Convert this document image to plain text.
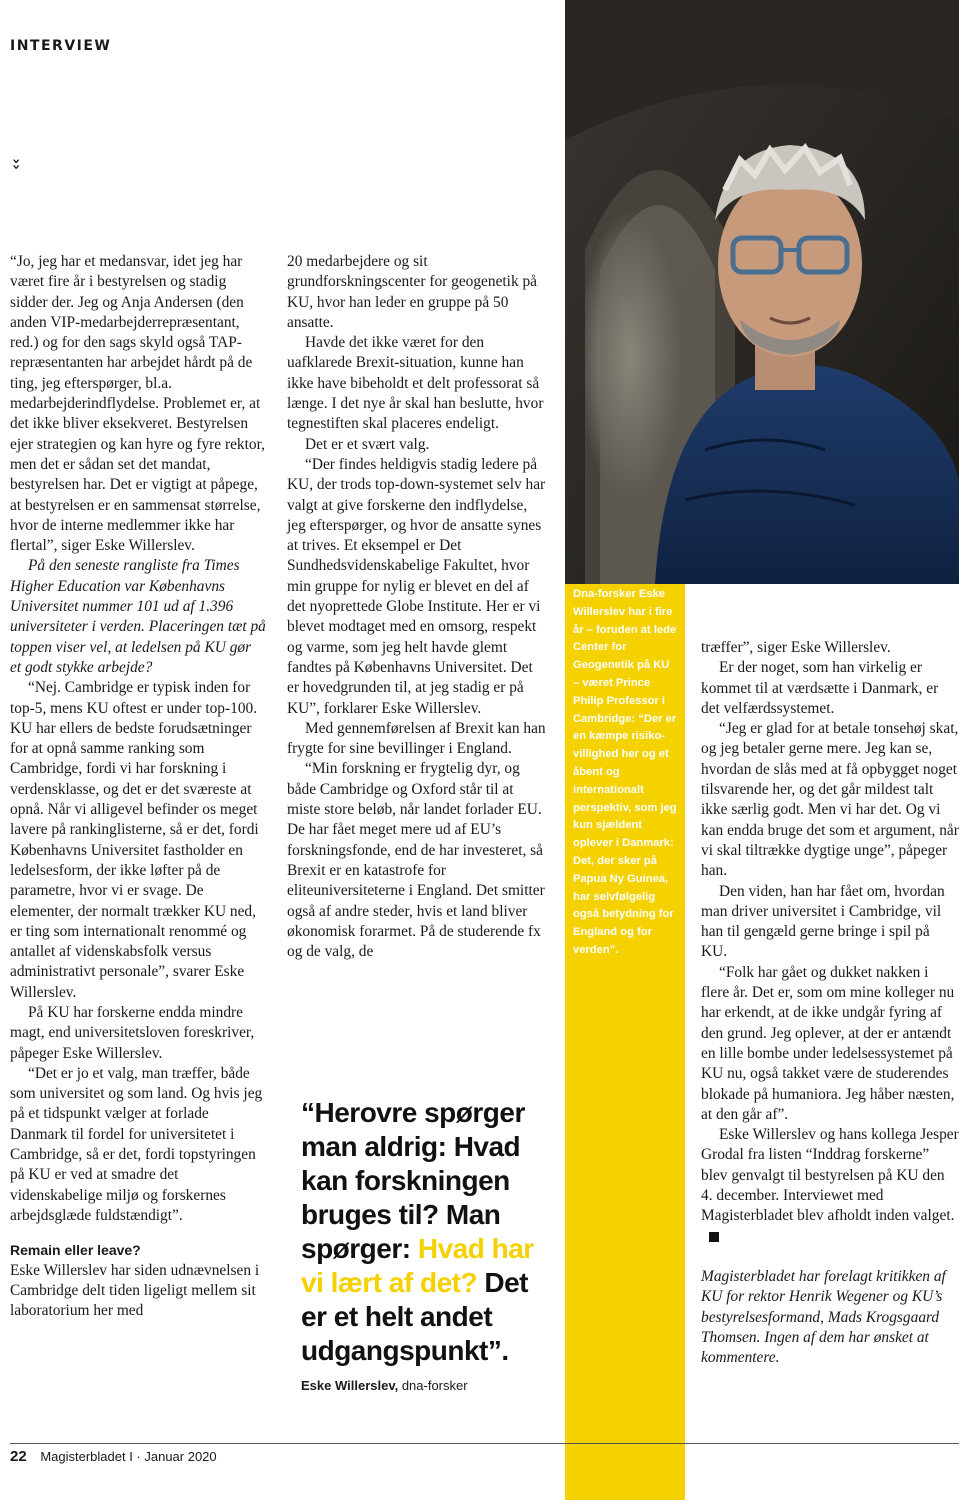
INTERVIEW
››

“Jo, jeg har et medansvar, idet jeg har været fire år i bestyrelsen og stadig sidder der. Jeg og Anja Andersen (den anden VIP-medarbejderrepræsentant, red.) og for den sags skyld også TAP-repræsentanten har arbejdet hårdt på de ting, jeg efterspørger, bl.a. medarbejderindflydelse. Problemet er, at det ikke bliver eksekveret. Bestyrelsen ejer strategien og kan hyre og fyre rektor, men det er sådan set det mandat, bestyrelsen har. Det er vigtigt at påpege, at bestyrelsen er en sammensat størrelse, hvor de interne medlemmer ikke har flertal”, siger Eske Willerslev.

På den seneste rangliste fra Times Higher Education var Københavns Universitet nummer 101 ud af 1.396 universiteter i verden. Placeringen tæt på toppen viser vel, at ledelsen på KU gør et godt stykke arbejde?

“Nej. Cambridge er typisk inden for top-5, mens KU oftest er under top-100. KU har ellers de bedste forudsætninger for at opnå samme ranking som Cambridge, fordi vi har forskning i verdensklasse, og det er det sværeste at opnå. Når vi alligevel befinder os meget lavere på rankinglisterne, så er det, fordi Københavns Universitet fastholder en ledelsesform, der ikke løfter på de parametre, hvor vi er svage. De elementer, der normalt trækker KU ned, er ting som internationalt renommé og antallet af videnskabsfolk versus administrativt personale”, svarer Eske Willerslev.

På KU har forskerne endda mindre magt, end universitetsloven foreskriver, påpeger Eske Willerslev.

“Det er jo et valg, man træffer, både som universitet og som land. Og hvis jeg på et tidspunkt vælger at forlade Danmark til fordel for universitetet i Cambridge, så er det, fordi topstyringen på KU er ved at smadre det videnskabelige miljø og forskernes arbejdsglæde fuldstændigt”.

Remain eller leave?

Eske Willerslev har siden udnævnelsen i Cambridge delt tiden ligeligt mellem sit laboratorium her med

20 medarbejdere og sit grundforskningscenter for geogenetik på KU, hvor han leder en gruppe på 50 ansatte.

Havde det ikke været for den uafklarede Brexit-situation, kunne han ikke have bibeholdt et delt professorat så længe. I det nye år skal han beslutte, hvor tegnestiften skal placeres endeligt.

Det er et svært valg.

“Der findes heldigvis stadig ledere på KU, der trods top-down-systemet selv har valgt at give forskerne den indflydelse, jeg efterspørger, og hvor de ansatte synes at trives. Et eksempel er Det Sundhedsvidenskabelige Fakultet, hvor min gruppe for nylig er blevet en del af det nyoprettede Globe Institute. Her er vi blevet modtaget med en omsorg, respekt og varme, som jeg helt havde glemt fandtes på Københavns Universitet. Det er hovedgrunden til, at jeg stadig er på KU”, forklarer Eske Willerslev.

Med gennemførelsen af Brexit kan han frygte for sine bevillinger i England.

“Min forskning er frygtelig dyr, og både Cambridge og Oxford står til at miste store beløb, når landet forlader EU. De har fået meget mere ud af EU’s forskningsfonde, end de har investeret, så Brexit er en katastrofe for eliteuniversiteterne i England. Det smitter også af andre steder, hvis et land bliver økonomisk forarmet. På de studerende fx og de valg, de

Dna-forsker Eske Willerslev har i fire år – foruden at lede Center for Geogenetik på KU – været Prince Philip Professor i Cambridge: “Der er en kæmpe risikovillighed her og et åbent og internationalt perspektiv, som jeg kun sjældent oplever i Danmark: Det, der sker på Papua Ny Guinea, har selvfølgelig også betydning for England og for verden”.

træffer”, siger Eske Willerslev.

Er der noget, som han virkelig er kommet til at værdsætte i Danmark, er det velfærdssystemet.

“Jeg er glad for at betale tonsehøj skat, og jeg betaler gerne mere. Jeg kan se, hvordan de slås med at få opbygget noget tilsvarende her, og det går mildest talt ikke særlig godt. Men vi har det. Og vi kan endda bruge det som et argument, når vi skal tiltrække dygtige unge”, påpeger han.

Den viden, han har fået om, hvordan man driver universitet i Cambridge, vil han til gengæld gerne bringe i spil på KU.

“Folk har gået og dukket nakken i flere år. Det er, som om mine kolleger nu har erkendt, at de ikke undgår fyring af den grund. Jeg oplever, at der er antændt en lille bombe under ledelsessystemet på KU nu, også takket være de studerendes blokade på humaniora. Jeg håber næsten, at den går af”.

Eske Willerslev og hans kollega Jesper Grodal fra listen “Inddrag forskerne” blev genvalgt til bestyrelsen på KU den 4. december. Interviewet med Magisterbladet blev afholdt inden valget.

Magisterbladet har forelagt kritikken af KU for rektor Henrik Wegener og KU’s bestyrelsesformand, Mads Krogsgaard Thomsen. Ingen af dem har ønsket at kommentere.

“Herovre spørger man aldrig: Hvad kan forskningen bruges til? Man spørger: Hvad har vi lært af det? Det er et helt andet udgangspunkt”.
Eske Willerslev, dna-forsker
22 Magisterbladet I · Januar 2020
